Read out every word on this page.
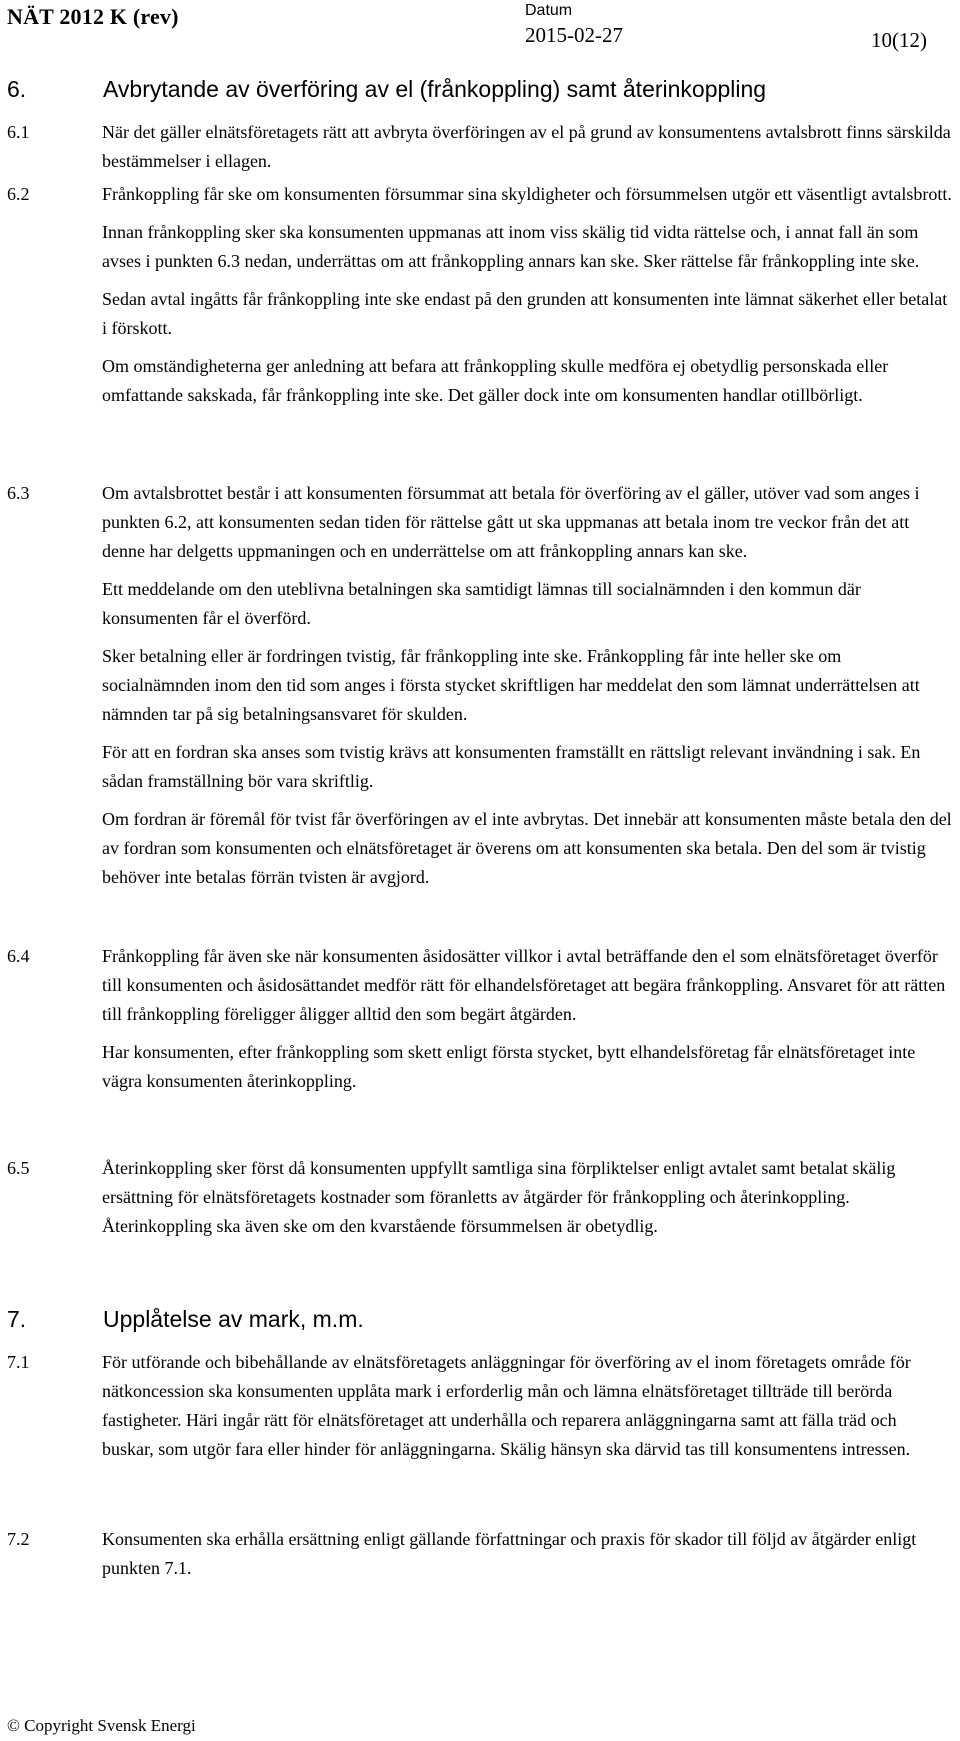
NÄT 2012 K (rev)	Datum
2015-02-27	10(12)
6.	Avbrytande av överföring av el (frånkoppling) samt återinkoppling
6.1	När det gäller elnätsföretagets rätt att avbryta överföringen av el på grund av konsumentens avtalsbrott finns särskilda bestämmelser i ellagen.

6.2	Frånkoppling får ske om konsumenten försummar sina skyldigheter och försummelsen utgör ett väsentligt avtalsbrott.

Innan frånkoppling sker ska konsumenten uppmanas att inom viss skälig tid vidta rättelse och, i annat fall än som avses i punkten 6.3 nedan, underrättas om att frånkoppling annars kan ske. Sker rättelse får frånkoppling inte ske.

Sedan avtal ingåtts får frånkoppling inte ske endast på den grunden att konsumenten inte lämnat säkerhet eller betalat i förskott.

Om omständigheterna ger anledning att befara att frånkoppling skulle medföra ej obetydlig personskada eller omfattande sakskada, får frånkoppling inte ske. Det gäller dock inte om konsumenten handlar otillbörligt.

6.3	Om avtalsbrottet består i att konsumenten försummat att betala för överföring av el gäller, utöver vad som anges i punkten 6.2, att konsumenten sedan tiden för rättelse gått ut ska uppmanas att betala inom tre veckor från det att denne har delgetts uppmaningen och en underrättelse om att frånkoppling annars kan ske.

Ett meddelande om den uteblivna betalningen ska samtidigt lämnas till socialnämnden i den kommun där konsumenten får el överförd.

Sker betalning eller är fordringen tvistig, får frånkoppling inte ske. Frånkoppling får inte heller ske om socialnämnden inom den tid som anges i första stycket skriftligen har meddelat den som lämnat underrättelsen att nämnden tar på sig betalningsansvaret för skulden.

För att en fordran ska anses som tvistig krävs att konsumenten framställt en rättsligt relevant invändning i sak. En sådan framställning bör vara skriftlig.

Om fordran är föremål för tvist får överföringen av el inte avbrytas. Det innebär att konsumenten måste betala den del av fordran som konsumenten och elnätsföretaget är överens om att konsumenten ska betala. Den del som är tvistig behöver inte betalas förrän tvisten är avgjord.

6.4	Frånkoppling får även ske när konsumenten åsidosätter villkor i avtal beträffande den el som elnätsföretaget överför till konsumenten och åsidosättandet medför rätt för elhandelsföretaget att begära frånkoppling. Ansvaret för att rätten till frånkoppling föreligger åligger alltid den som begärt åtgärden.

Har konsumenten, efter frånkoppling som skett enligt första stycket, bytt elhandelsföretag får elnätsföretaget inte vägra konsumenten återinkoppling.

6.5	Återinkoppling sker först då konsumenten uppfyllt samtliga sina förpliktelser enligt avtalet samt betalat skälig ersättning för elnätsföretagets kostnader som föranletts av åtgärder för frånkoppling och återinkoppling. Återinkoppling ska även ske om den kvarstående försummelsen är obetydlig.

7.	Upplåtelse av mark, m.m.
7.1	För utförande och bibehållande av elnätsföretagets anläggningar för överföring av el inom företagets område för nätkoncession ska konsumenten upplåta mark i erforderlig mån och lämna elnätsföretaget tillträde till berörda fastigheter. Häri ingår rätt för elnätsföretaget att underhålla och reparera anläggningarna samt att fälla träd och buskar, som utgör fara eller hinder för anläggningarna. Skälig hänsyn ska därvid tas till konsumentens intressen.

7.2	Konsumenten ska erhålla ersättning enligt gällande författningar och praxis för skador till följd av åtgärder enligt punkten 7.1.

© Copyright Svensk Energi
